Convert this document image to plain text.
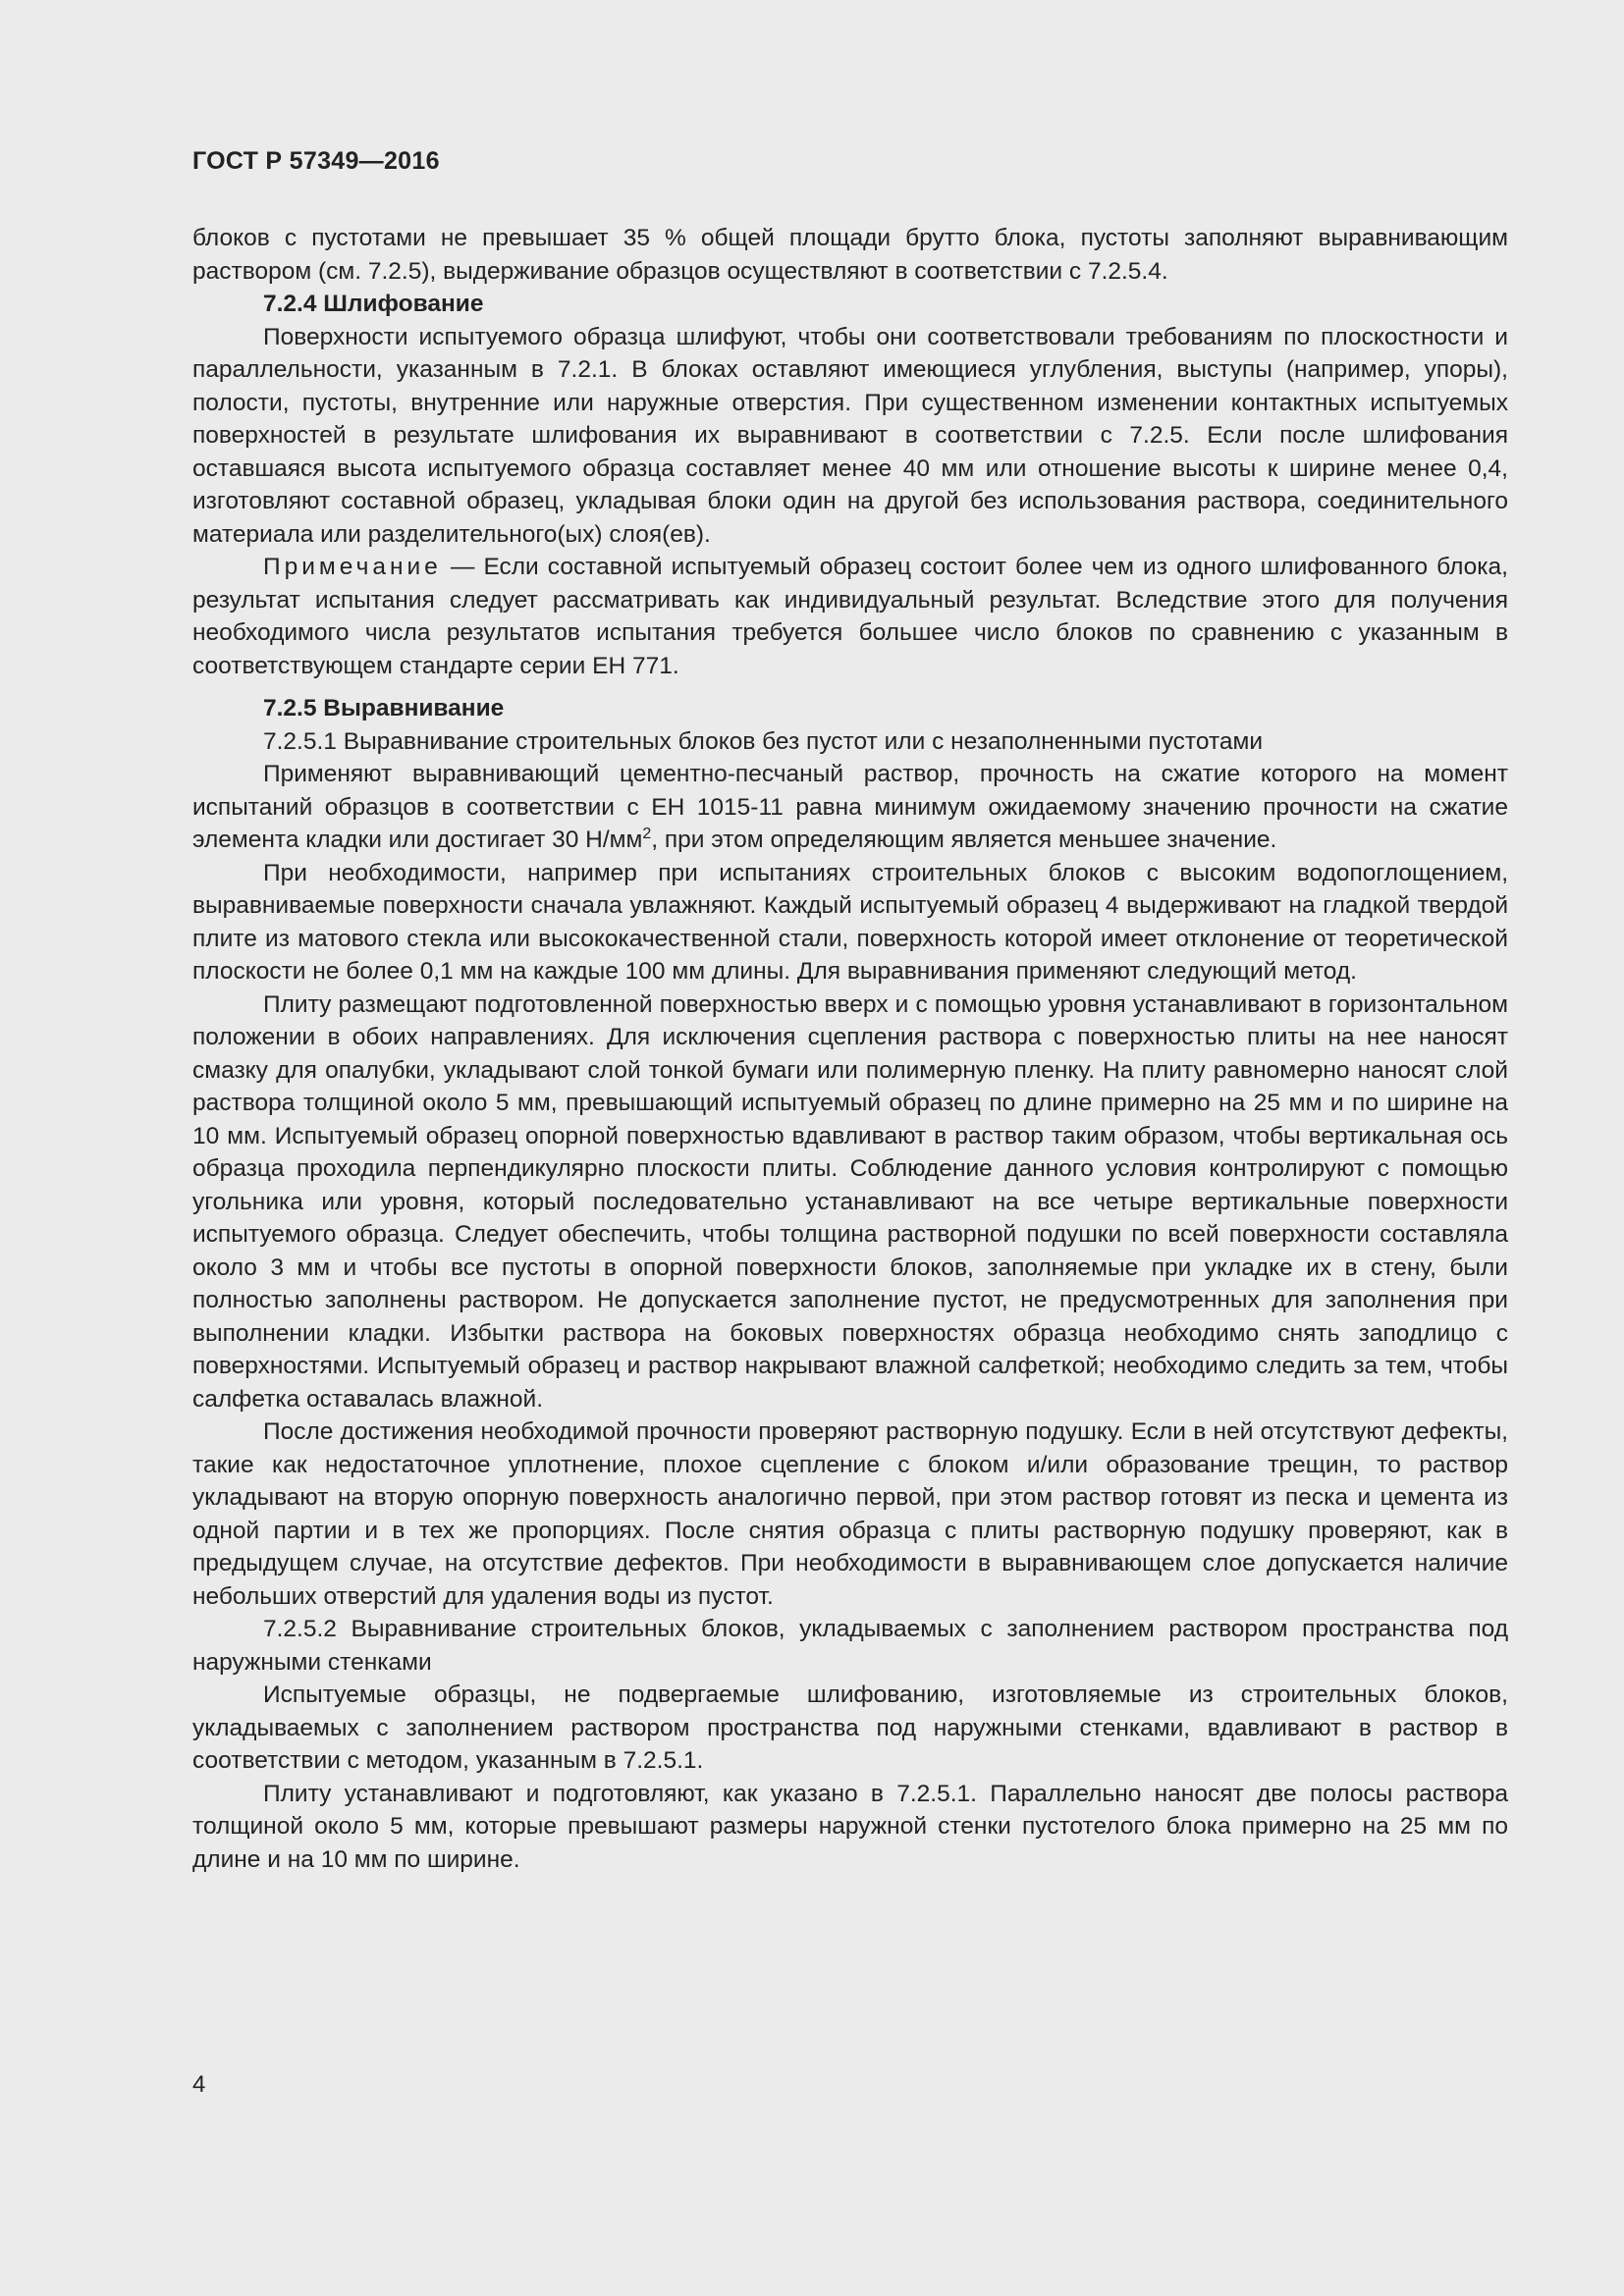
ГОСТ Р 57349—2016

блоков с пустотами не превышает 35 % общей площади брутто блока, пустоты заполняют выравнивающим раствором (см. 7.2.5), выдерживание образцов осуществляют в соответствии с 7.2.5.4.

7.2.4 Шлифование

Поверхности испытуемого образца шлифуют, чтобы они соответствовали требованиям по плоскостности и параллельности, указанным в 7.2.1. В блоках оставляют имеющиеся углубления, выступы (например, упоры), полости, пустоты, внутренние или наружные отверстия. При существенном изменении контактных испытуемых поверхностей в результате шлифования их выравнивают в соответствии с 7.2.5. Если после шлифования оставшаяся высота испытуемого образца составляет менее 40 мм или отношение высоты к ширине менее 0,4, изготовляют составной образец, укладывая блоки один на другой без использования раствора, соединительного материала или разделительного(ых) слоя(ев).

Примечание — Если составной испытуемый образец состоит более чем из одного шлифованного блока, результат испытания следует рассматривать как индивидуальный результат. Вследствие этого для получения необходимого числа результатов испытания требуется большее число блоков по сравнению с указанным в соответствующем стандарте серии ЕН 771.

7.2.5 Выравнивание

7.2.5.1 Выравнивание строительных блоков без пустот или с незаполненными пустотами

Применяют выравнивающий цементно-песчаный раствор, прочность на сжатие которого на момент испытаний образцов в соответствии с ЕН 1015-11 равна минимум ожидаемому значению прочности на сжатие элемента кладки или достигает 30 $Н/мм^2$, при этом определяющим является меньшее значение.

При необходимости, например при испытаниях строительных блоков с высоким водопоглощением, выравниваемые поверхности сначала увлажняют. Каждый испытуемый образец 4 выдерживают на гладкой твердой плите из матового стекла или высококачественной стали, поверхность которой имеет отклонение от теоретической плоскости не более 0,1 мм на каждые 100 мм длины. Для выравнивания применяют следующий метод.

Плиту размещают подготовленной поверхностью вверх и с помощью уровня устанавливают в горизонтальном положении в обоих направлениях. Для исключения сцепления раствора с поверхностью плиты на нее наносят смазку для опалубки, укладывают слой тонкой бумаги или полимерную пленку. На плиту равномерно наносят слой раствора толщиной около 5 мм, превышающий испытуемый образец по длине примерно на 25 мм и по ширине на 10 мм. Испытуемый образец опорной поверхностью вдавливают в раствор таким образом, чтобы вертикальная ось образца проходила перпендикулярно плоскости плиты. Соблюдение данного условия контролируют с помощью угольника или уровня, который последовательно устанавливают на все четыре вертикальные поверхности испытуемого образца. Следует обеспечить, чтобы толщина растворной подушки по всей поверхности составляла около 3 мм и чтобы все пустоты в опорной поверхности блоков, заполняемые при укладке их в стену, были полностью заполнены раствором. Не допускается заполнение пустот, не предусмотренных для заполнения при выполнении кладки. Избытки раствора на боковых поверхностях образца необходимо снять заподлицо с поверхностями. Испытуемый образец и раствор накрывают влажной салфеткой; необходимо следить за тем, чтобы салфетка оставалась влажной.

После достижения необходимой прочности проверяют растворную подушку. Если в ней отсутствуют дефекты, такие как недостаточное уплотнение, плохое сцепление с блоком и/или образование трещин, то раствор укладывают на вторую опорную поверхность аналогично первой, при этом раствор готовят из песка и цемента из одной партии и в тех же пропорциях. После снятия образца с плиты растворную подушку проверяют, как в предыдущем случае, на отсутствие дефектов. При необходимости в выравнивающем слое допускается наличие небольших отверстий для удаления воды из пустот.

7.2.5.2 Выравнивание строительных блоков, укладываемых с заполнением раствором пространства под наружными стенками

Испытуемые образцы, не подвергаемые шлифованию, изготовляемые из строительных блоков, укладываемых с заполнением раствором пространства под наружными стенками, вдавливают в раствор в соответствии с методом, указанным в 7.2.5.1.

Плиту устанавливают и подготовляют, как указано в 7.2.5.1. Параллельно наносят две полосы раствора толщиной около 5 мм, которые превышают размеры наружной стенки пустотелого блока примерно на 25 мм по длине и на 10 мм по ширине.

4
